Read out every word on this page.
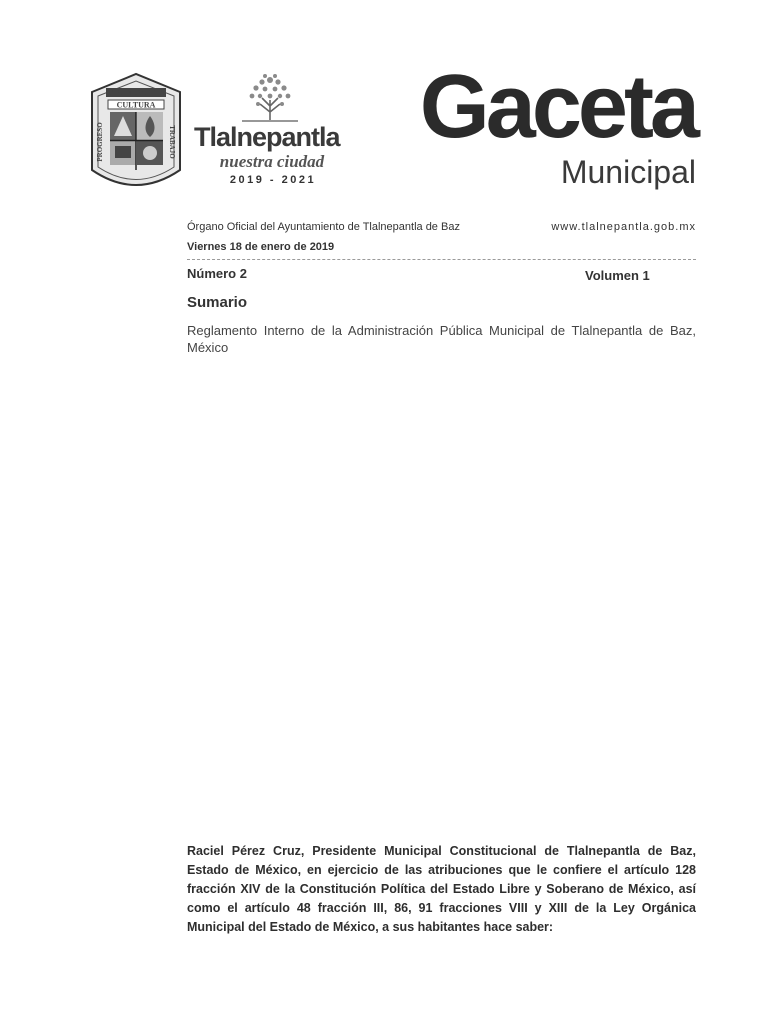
TLALNEPANTLA
CULTURA
PROGRESO	TRABAJO Tlalnepantla
nuestra ciudad
2019 - 2021
Gaceta
Municipal
Órgano Oficial del Ayuntamiento de Tlalnepantla de Baz	www.tlalnepantla.gob.mx
Viernes 18 de enero de 2019
Número 2	Volumen 1
Sumario
Reglamento Interno de la Administración Pública Municipal de Tlalnepantla de Baz, México
Raciel Pérez Cruz, Presidente Municipal Constitucional de Tlalnepantla de Baz, Estado de México, en ejercicio de las atribuciones que le confiere el artículo 128 fracción XIV de la Constitución Política del Estado Libre y Soberano de México, así como el artículo 48 fracción III, 86, 91 fracciones VIII y XIII de la Ley Orgánica Municipal del Estado de México, a sus habitantes hace saber:
